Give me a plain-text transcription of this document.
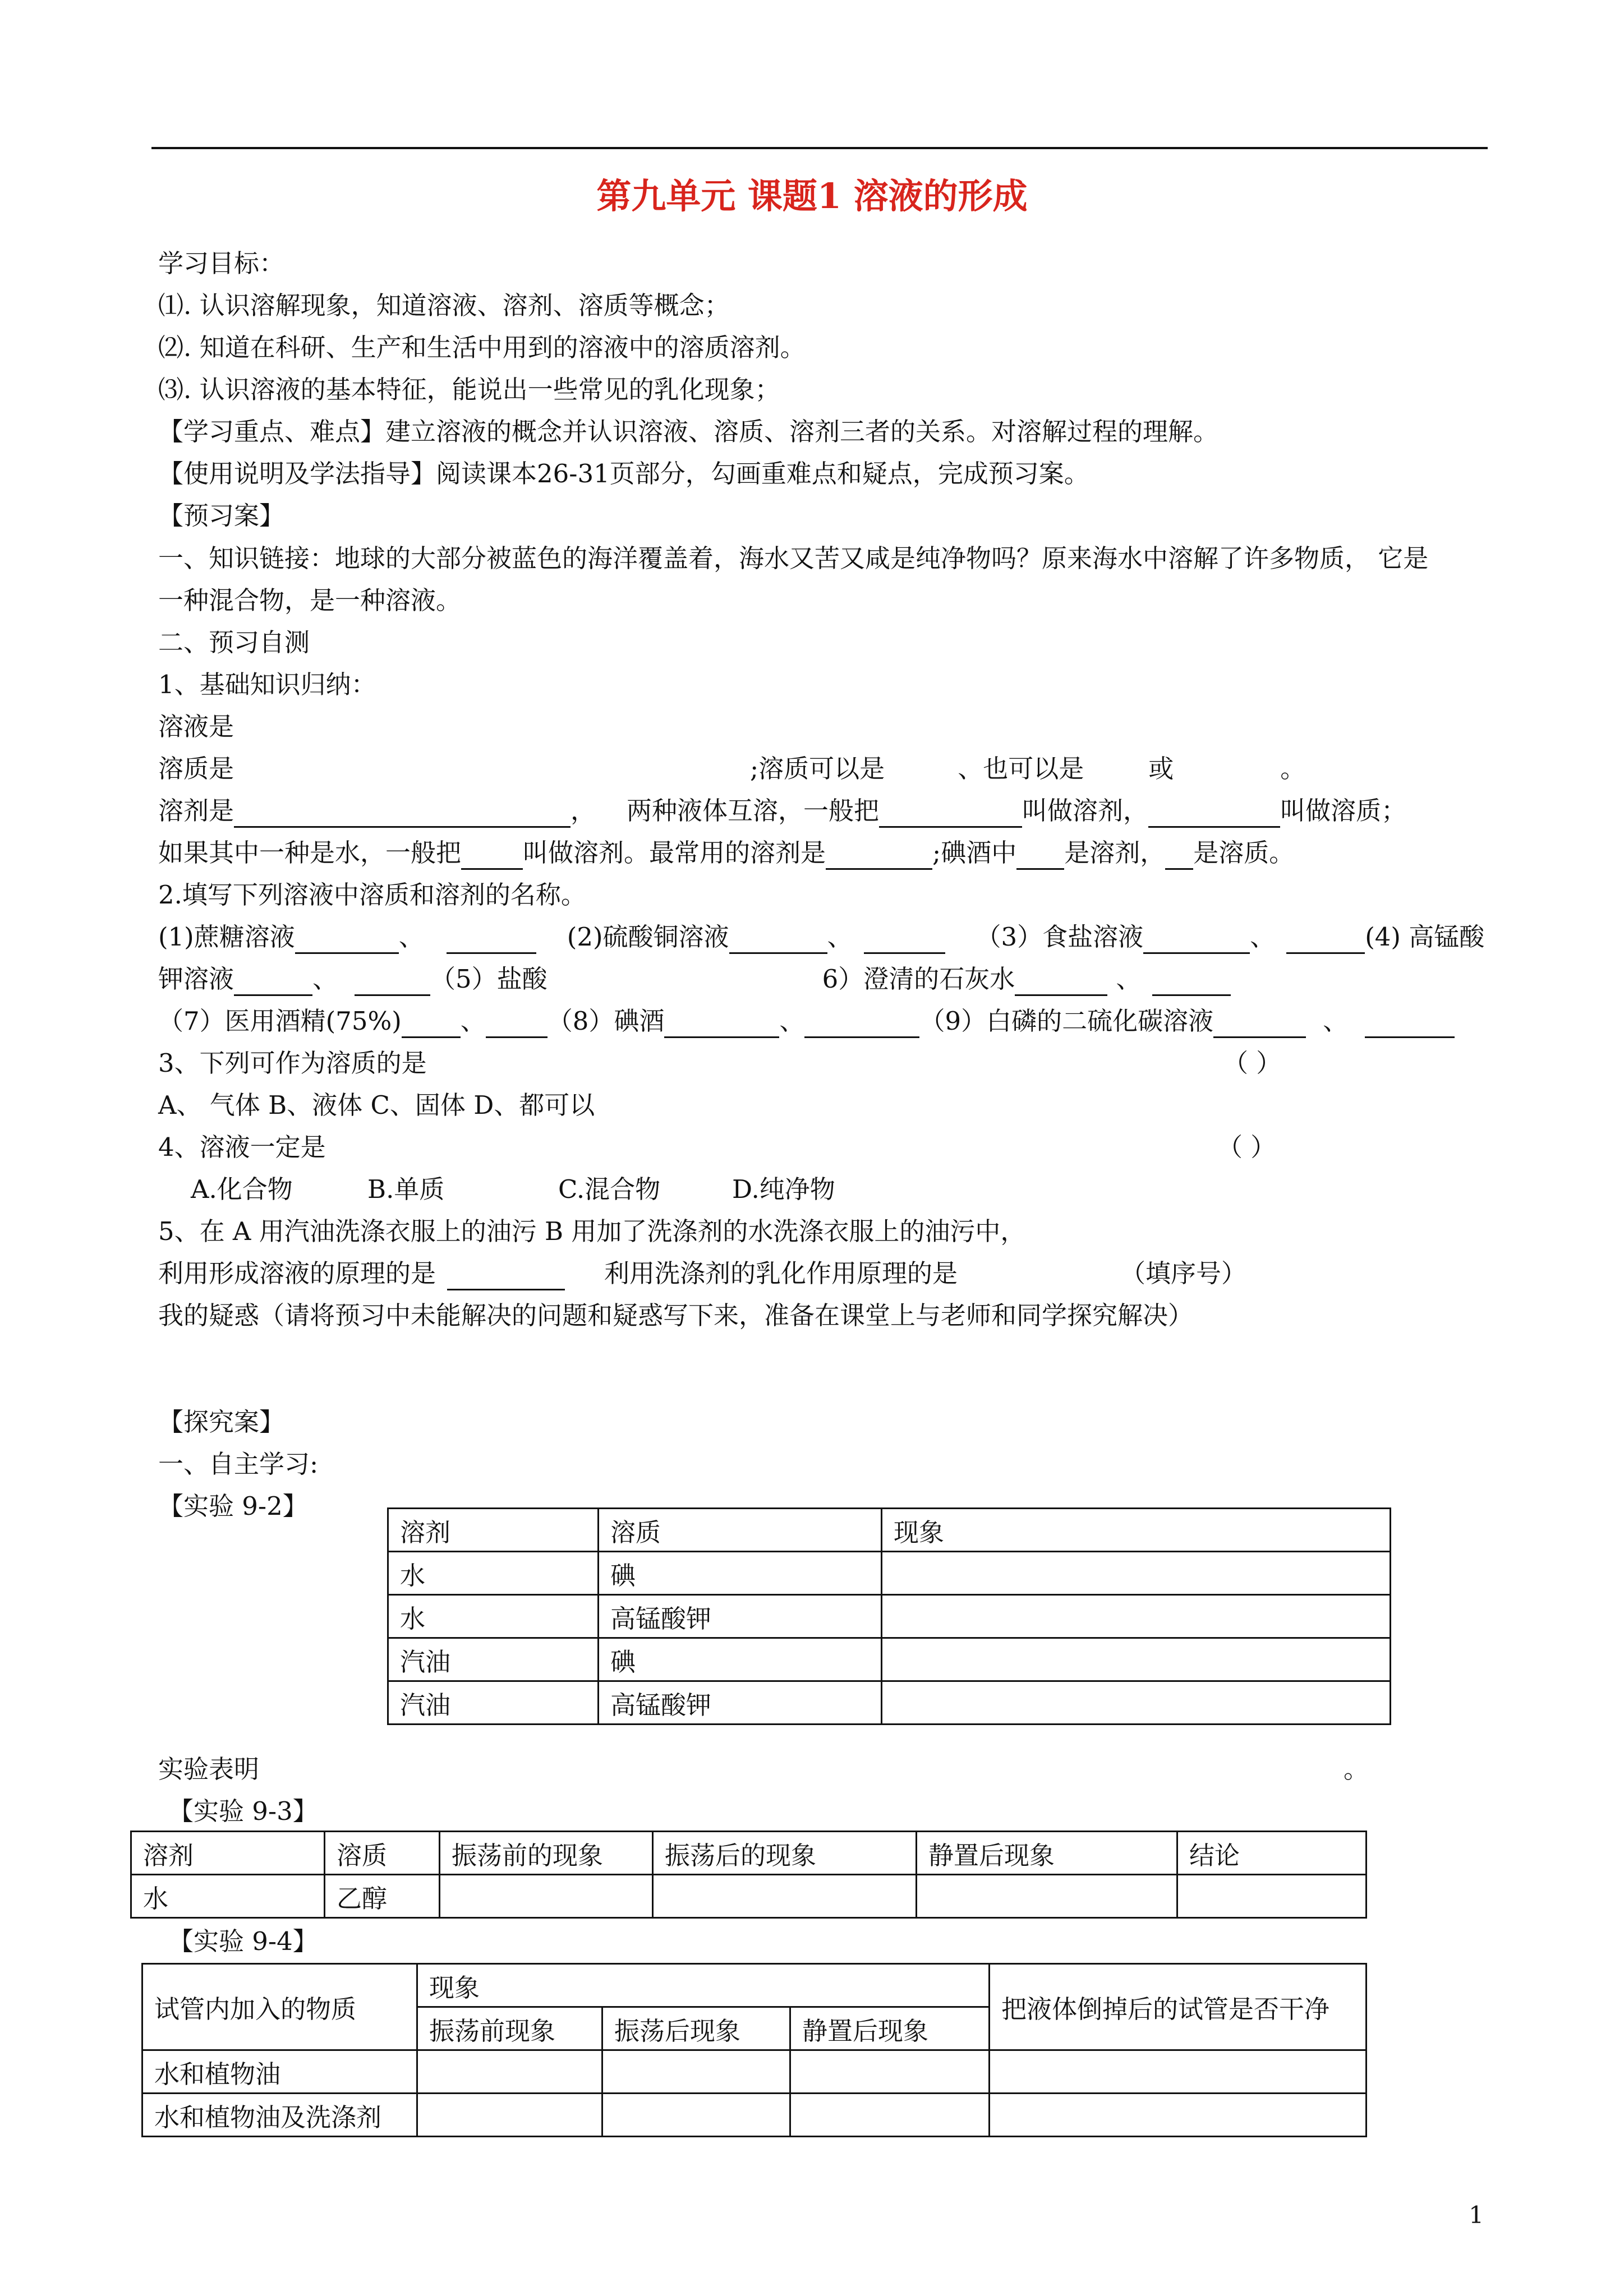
第九单元 课题1 溶液的形成
学习目标：
⑴. 认识溶解现象，知道溶液、溶剂、溶质等概念；
⑵. 知道在科研、生产和生活中用到的溶液中的溶质溶剂。
⑶. 认识溶液的基本特征，能说出一些常见的乳化现象；
【学习重点、难点】建立溶液的概念并认识溶液、溶质、溶剂三者的关系。对溶解过程的理解。
【使用说明及学法指导】阅读课本26-31页部分，勾画重难点和疑点，完成预习案。
【预习案】
一、知识链接：地球的大部分被蓝色的海洋覆盖着，海水又苦又咸是纯净物吗？原来海水中溶解了许多物质， 它是
一种混合物，是一种溶液。
二、预习自测
1、基础知识归纳：
溶液是
溶质是	;溶质可以是	、也可以是	或	。
溶剂是	， 两种液体互溶，一般把	叫做溶剂，	叫做溶质；
如果其中一种是水，一般把 叫做溶剂。最常用的溶剂是	;碘酒中 是溶剂， 是溶质。
2.填写下列溶液中溶质和溶剂的名称。
(1)蔗糖溶液	、	(2)硫酸铜溶液	、	（3）食盐溶液	、	(4) 高锰酸
钾溶液	、	（5）盐酸	6）澄清的石灰水	、
（7）医用酒精(75%) 、 （8）碘酒	、	（9）白磷的二硫化碳溶液	、
3、下列可作为溶质的是	（ ）
A、 气体 B、液体 C、固体 D、都可以
4、溶液一定是	（ ）
A.化合物	B.单质	C.混合物	D.纯净物
5、在 A 用汽油洗涤衣服上的油污 B 用加了洗涤剂的水洗涤衣服上的油污中，
利用形成溶液的原理的是	利用洗涤剂的乳化作用原理的是	（填序号）
我的疑惑（请将预习中未能解决的问题和疑惑写下来，准备在课堂上与老师和同学探究解决）
【探究案】
一、自主学习:
【实验 9-2】
溶剂	溶质	现象
水	碘	
水	高锰酸钾	
汽油	碘	
汽油	高锰酸钾	
实验表明	。
【实验 9-3】
溶剂	溶质	振荡前的现象	振荡后的现象	静置后现象	结论
水	乙醇				
【实验 9-4】
试管内加入的物质	现象			把液体倒掉后的试管是否干净
	振荡前现象	振荡后现象	静置后现象	
水和植物油				
水和植物油及洗涤剂				
1
